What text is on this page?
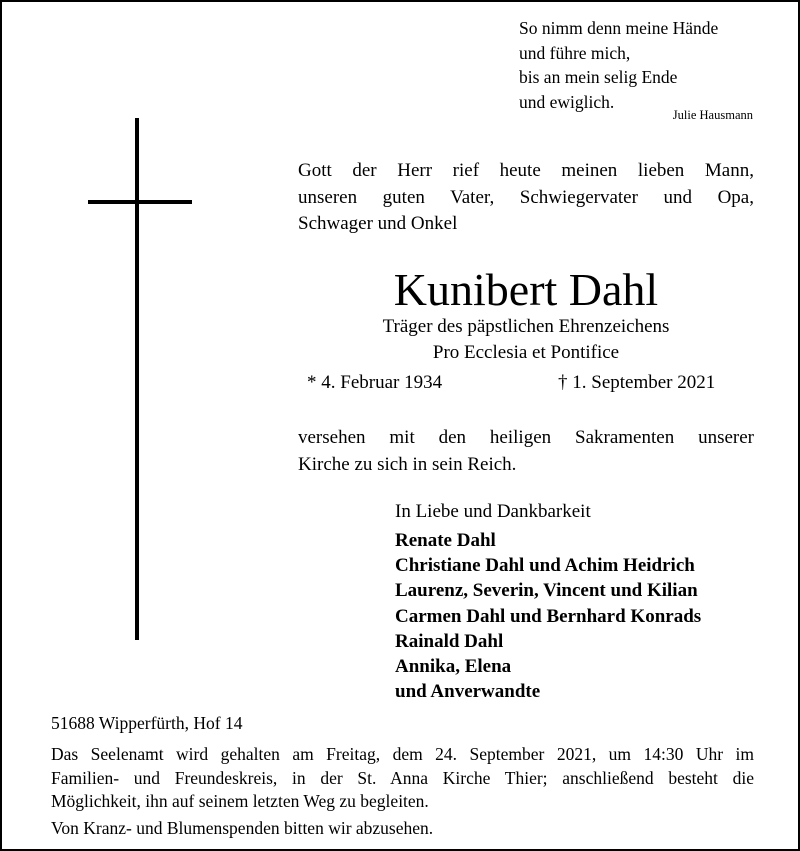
So nimm denn meine Hände
und führe mich,
bis an mein selig Ende
und ewiglich.
Julie Hausmann
Gott der Herr rief heute meinen lieben Mann,
unseren guten Vater, Schwiegervater und Opa,
Schwager und Onkel
Kunibert Dahl
Träger des päpstlichen Ehrenzeichens
Pro Ecclesia et Pontifice
* 4. Februar 1934	† 1. September 2021
versehen mit den heiligen Sakramenten unserer
Kirche zu sich in sein Reich.
In Liebe und Dankbarkeit
Renate Dahl
Christiane Dahl und Achim Heidrich
Laurenz, Severin, Vincent und Kilian
Carmen Dahl und Bernhard Konrads
Rainald Dahl
Annika, Elena
und Anverwandte
51688 Wipperfürth, Hof 14
Das Seelenamt wird gehalten am Freitag, dem 24. September 2021, um 14:30 Uhr im
Familien- und Freundeskreis, in der St. Anna Kirche Thier; anschließend besteht die
Möglichkeit, ihn auf seinem letzten Weg zu begleiten.
Von Kranz- und Blumenspenden bitten wir abzusehen.
